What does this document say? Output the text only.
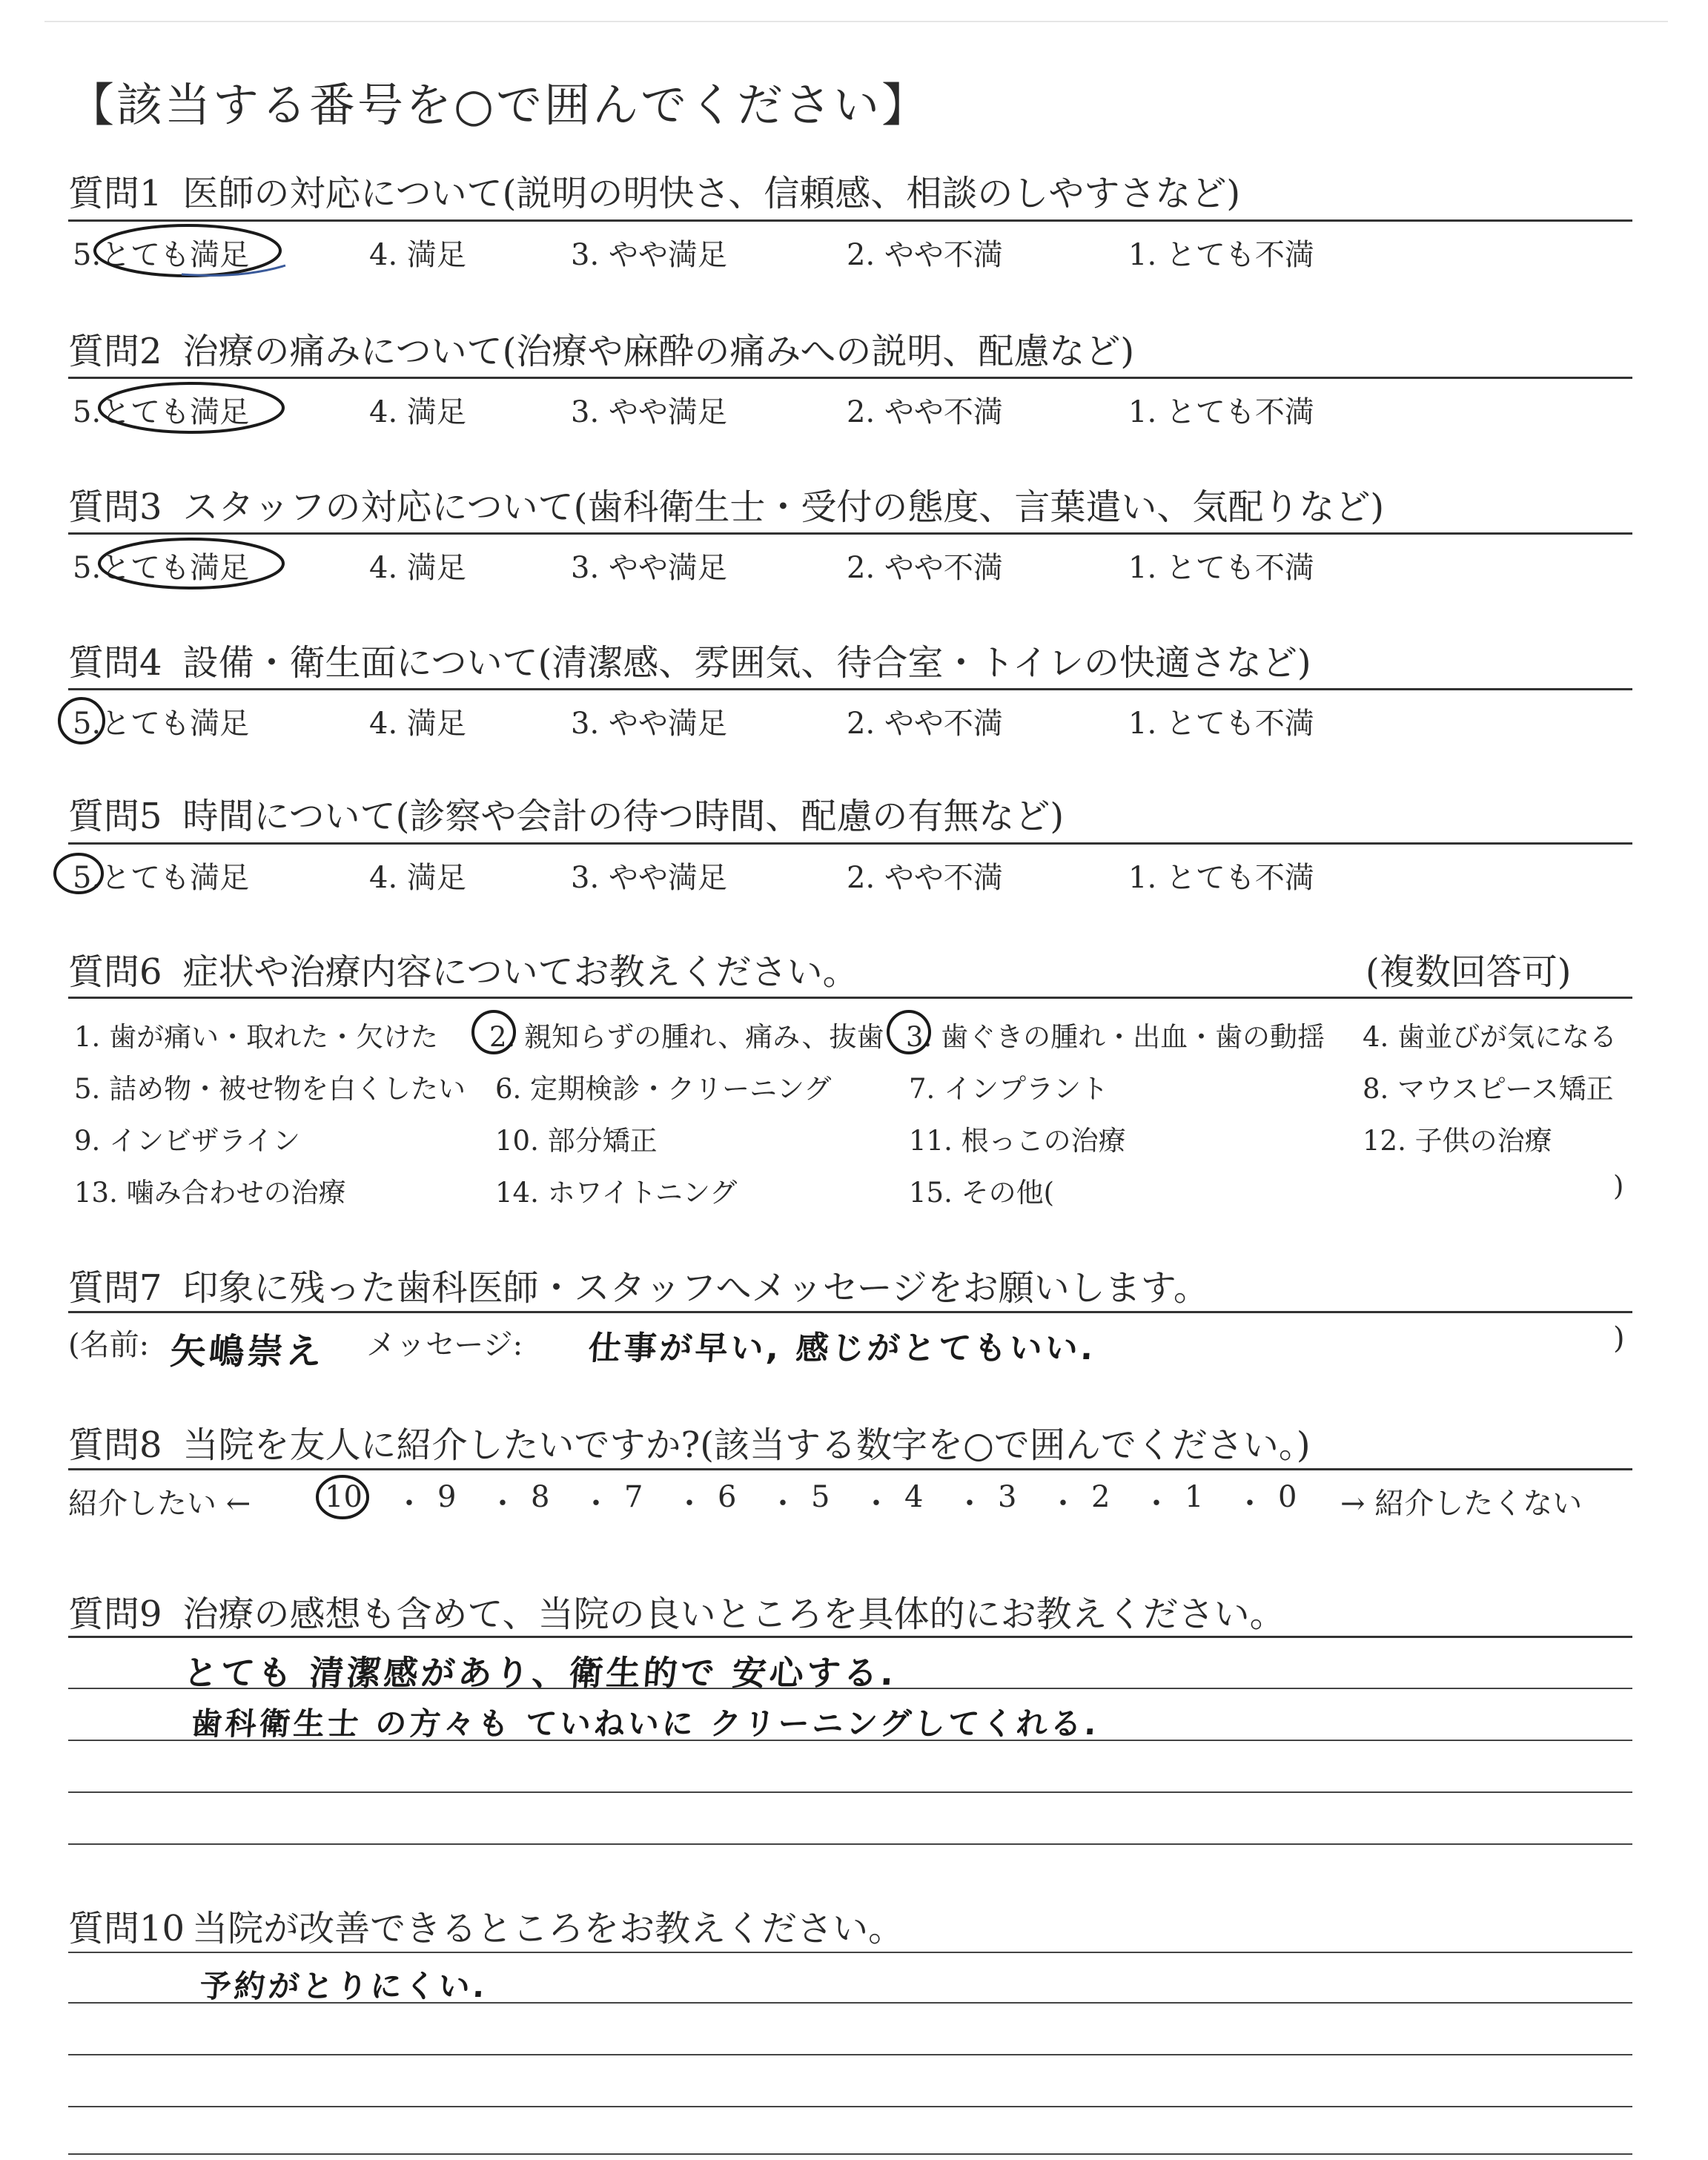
【該当する番号を○で囲んでください】
質問1 医師の対応について(説明の明快さ、信頼感、相談のしやすさなど)
5.とても満足	4. 満足	3. やや満足	2. やや不満	1. とても不満
質問2 治療の痛みについて(治療や麻酔の痛みへの説明、配慮など)
5.とても満足	4. 満足	3. やや満足	2. やや不満	1. とても不満
質問3 スタッフの対応について(歯科衛生士・受付の態度、言葉遣い、気配りなど)
5.とても満足	4. 満足	3. やや満足	2. やや不満	1. とても不満
質問4 設備・衛生面について(清潔感、雰囲気、待合室・トイレの快適さなど)
5.とても満足	4. 満足	3. やや満足	2. やや不満	1. とても不満
質問5 時間について(診察や会計の待つ時間、配慮の有無など)
5.とても満足	4. 満足	3. やや満足	2. やや不満	1. とても不満
質問6 症状や治療内容についてお教えください。	(複数回答可)
1. 歯が痛い・取れた・欠けた 2. 親知らずの腫れ、痛み、抜歯 3. 歯ぐきの腫れ・出血・歯の動揺 4. 歯並びが気になる
5. 詰め物・被せ物を白くしたい 6. 定期検診・クリーニング	7. インプラント	8. マウスピース矯正
9. インビザライン	10. 部分矯正	11. 根っこの治療	12. 子供の治療
13. 噛み合わせの治療	14. ホワイトニング	15. その他(	)
質問7 印象に残った歯科医師・スタッフへメッセージをお願いします。
(名前: 矢嶋崇え メッセージ: 仕事が早い, 感じがとてもいい.	)
質問8 当院を友人に紹介したいですか?(該当する数字を○で囲んでください。)
紹介したい ← 10 ・ 9 ・ 8 ・ 7 ・ 6 ・ 5 ・ 4 ・ 3 ・ 2 ・ 1 ・ 0 → 紹介したくない
質問9 治療の感想も含めて、当院の良いところを具体的にお教えください。
とても 清潔感があり、衛生的で 安心する.
歯科衛生士 の方々も ていねいに クリーニングしてくれる.
質問10 当院が改善できるところをお教えください。
予約がとりにくい.
